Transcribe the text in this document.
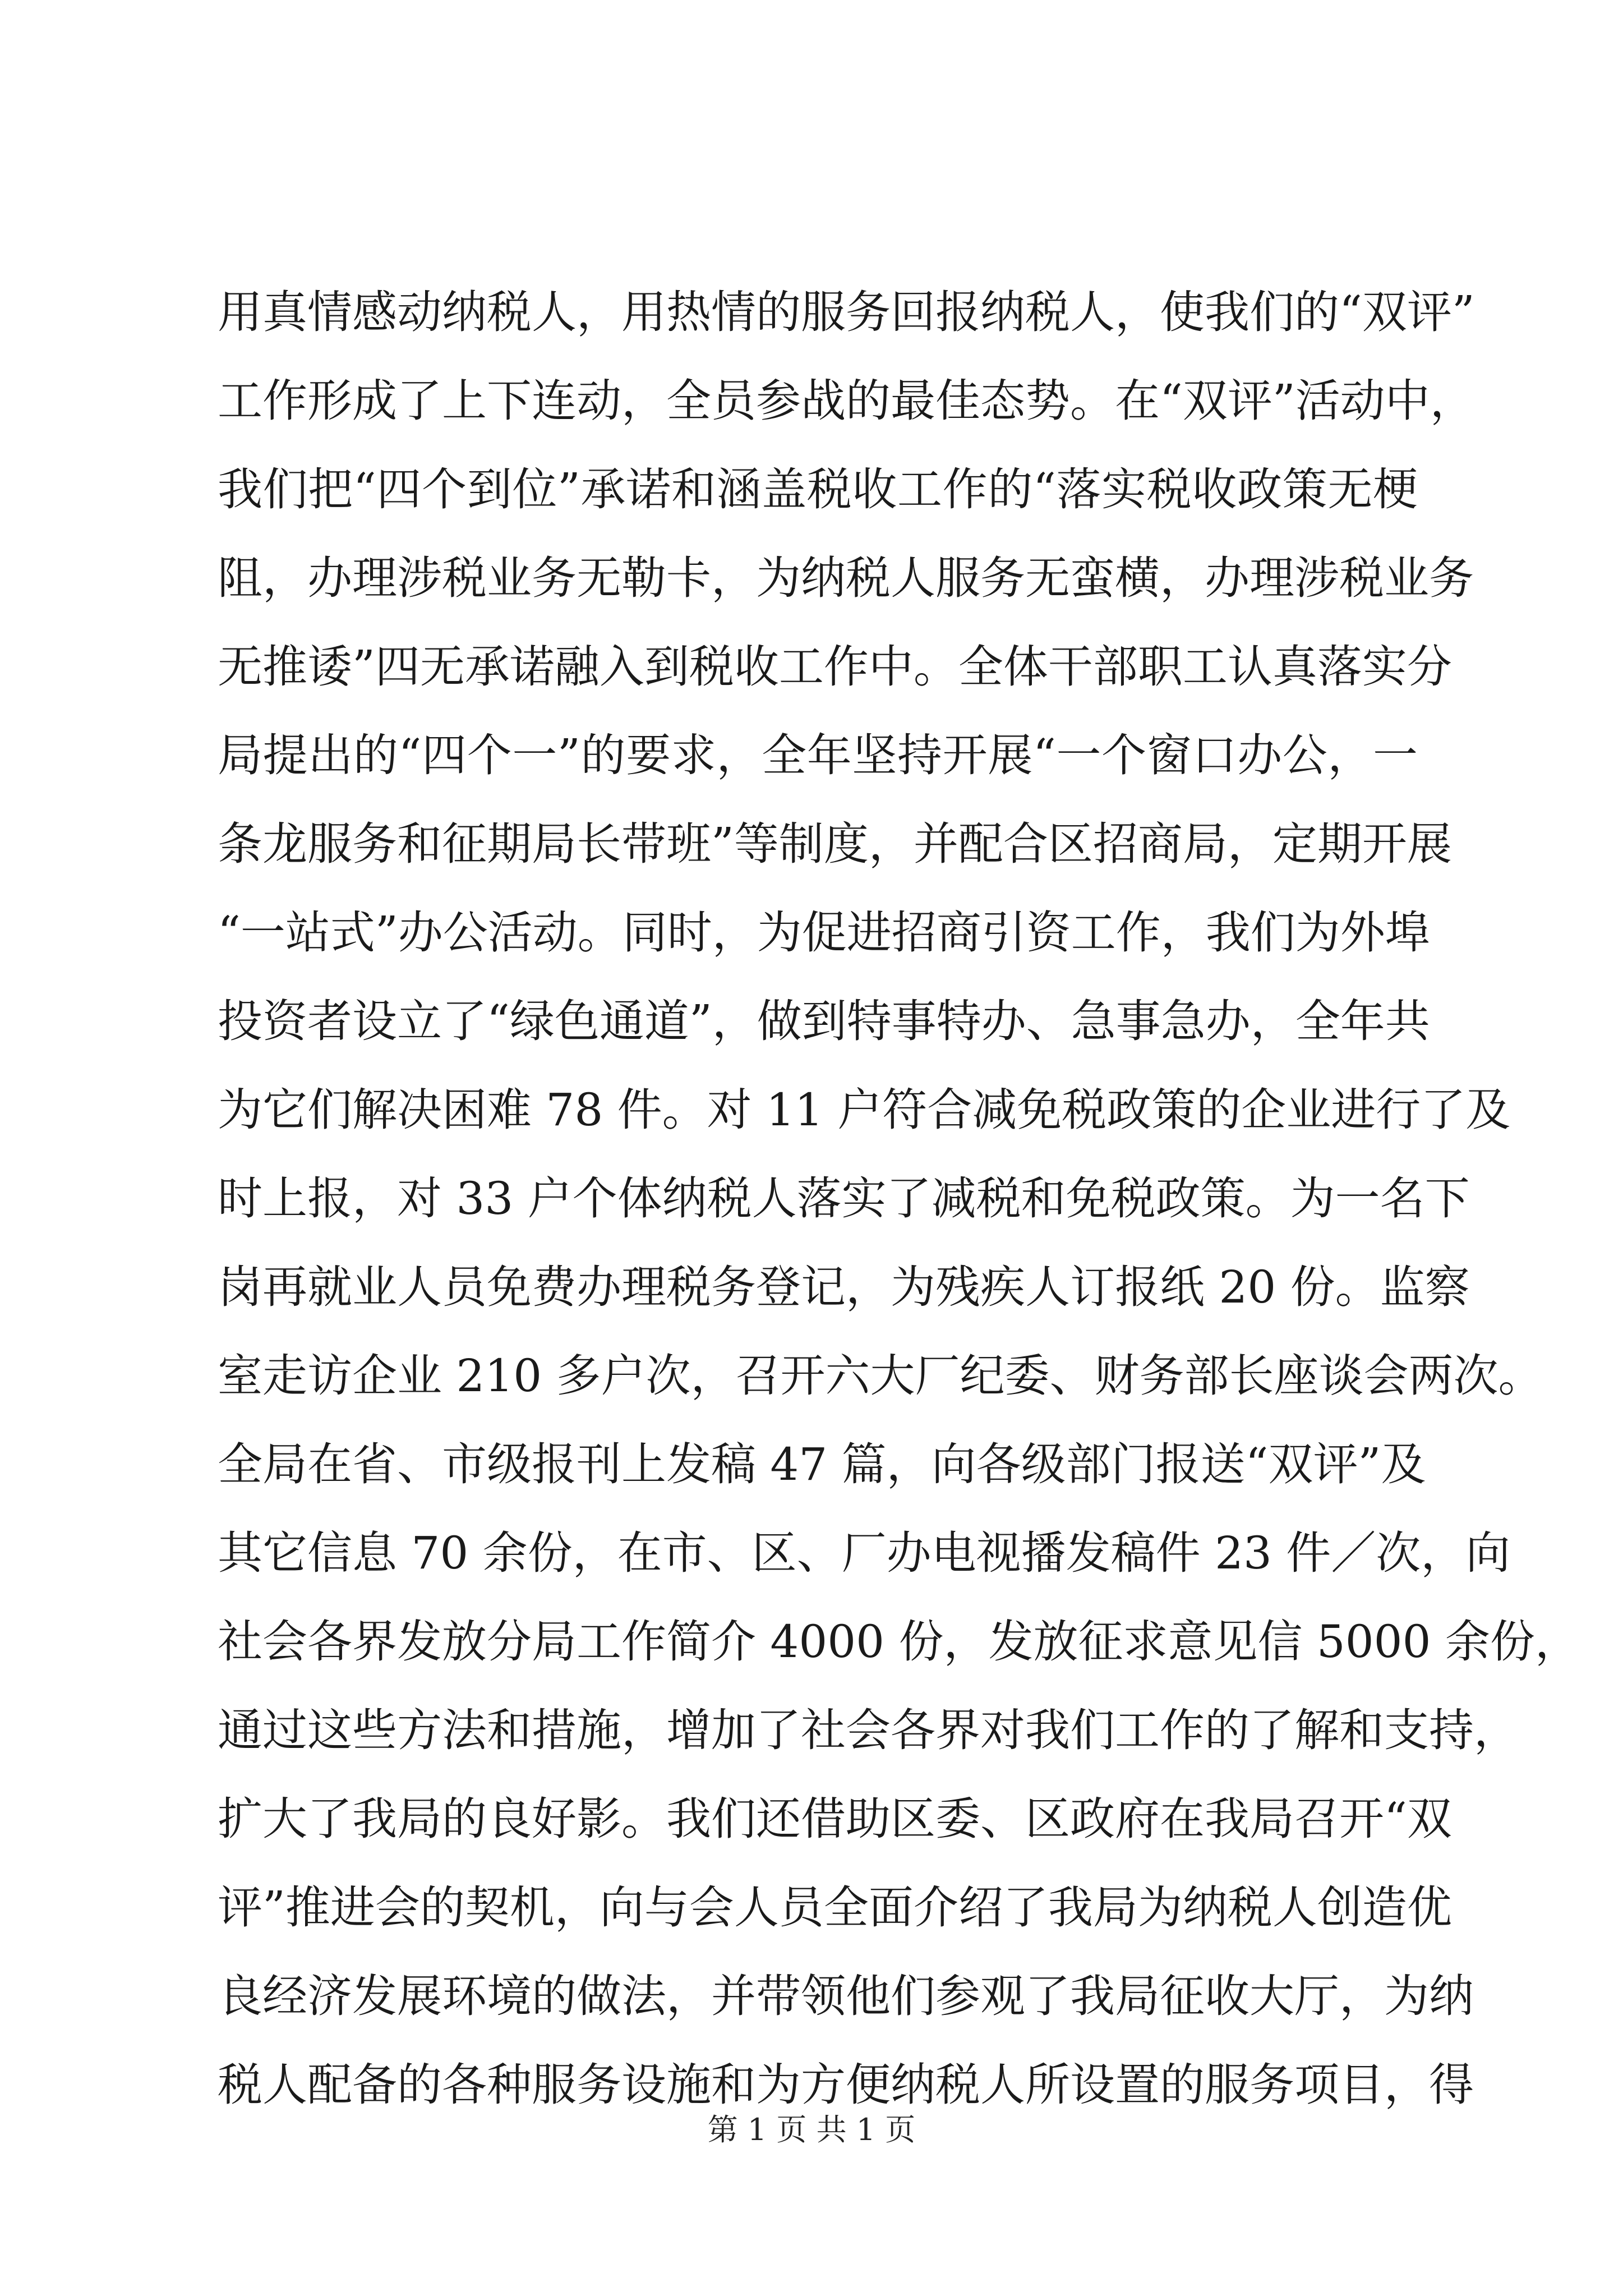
用真情感动纳税人，用热情的服务回报纳税人，使我们的“双评”
工作形成了上下连动，全员参战的最佳态势。在“双评”活动中，
我们把“四个到位”承诺和涵盖税收工作的“落实税收政策无梗
阻，办理涉税业务无勒卡，为纳税人服务无蛮横，办理涉税业务
无推诿”四无承诺融入到税收工作中。全体干部职工认真落实分
局提出的“四个一”的要求，全年坚持开展“一个窗口办公，一
条龙服务和征期局长带班”等制度，并配合区招商局，定期开展
“一站式”办公活动。同时，为促进招商引资工作，我们为外埠
投资者设立了“绿色通道”，做到特事特办、急事急办，全年共
为它们解决困难 78 件。对 11 户符合减免税政策的企业进行了及
时上报，对 33 户个体纳税人落实了减税和免税政策。为一名下
岗再就业人员免费办理税务登记，为残疾人订报纸 20 份。监察
室走访企业 210 多户次，召开六大厂纪委、财务部长座谈会两次。
全局在省、市级报刊上发稿 47 篇，向各级部门报送“双评”及
其它信息 70 余份，在市、区、厂办电视播发稿件 23 件／次，向
社会各界发放分局工作简介 4000 份，发放征求意见信 5000 余份，
通过这些方法和措施，增加了社会各界对我们工作的了解和支持，
扩大了我局的良好影。我们还借助区委、区政府在我局召开“双
评”推进会的契机，向与会人员全面介绍了我局为纳税人创造优
良经济发展环境的做法，并带领他们参观了我局征收大厅，为纳
税人配备的各种服务设施和为方便纳税人所设置的服务项目，得
第 1 页 共 1 页
